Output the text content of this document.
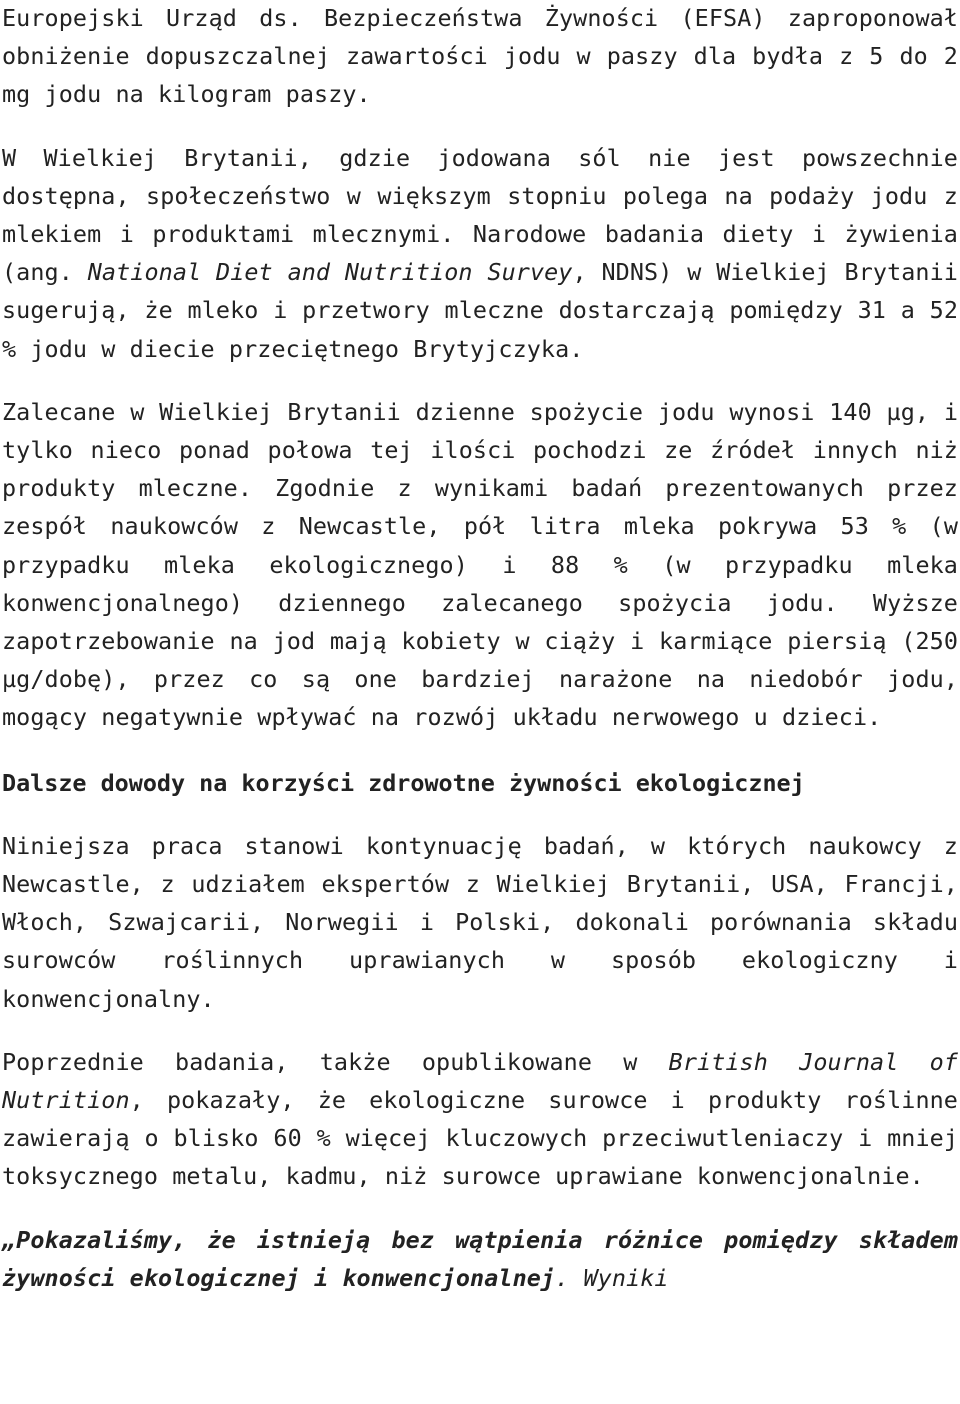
Europejski Urząd ds. Bezpieczeństwa Żywności (EFSA) zaproponował obniżenie dopuszczalnej zawartości jodu w paszy dla bydła z 5 do 2 mg jodu na kilogram paszy.

W Wielkiej Brytanii, gdzie jodowana sól nie jest powszechnie dostępna, społeczeństwo w większym stopniu polega na podaży jodu z mlekiem i produktami mlecznymi. Narodowe badania diety i żywienia (ang. National Diet and Nutrition Survey, NDNS) w Wielkiej Brytanii sugerują, że mleko i przetwory mleczne dostarczają pomiędzy 31 a 52 % jodu w diecie przeciętnego Brytyjczyka.

Zalecane w Wielkiej Brytanii dzienne spożycie jodu wynosi 140 µg, i tylko nieco ponad połowa tej ilości pochodzi ze źródeł innych niż produkty mleczne. Zgodnie z wynikami badań prezentowanych przez zespół naukowców z Newcastle, pół litra mleka pokrywa 53 % (w przypadku mleka ekologicznego) i 88 % (w przypadku mleka konwencjonalnego) dziennego zalecanego spożycia jodu. Wyższe zapotrzebowanie na jod mają kobiety w ciąży i karmiące piersią (250 µg/dobę), przez co są one bardziej narażone na niedobór jodu, mogący negatywnie wpływać na rozwój układu nerwowego u dzieci.

Dalsze dowody na korzyści zdrowotne żywności ekologicznej

Niniejsza praca stanowi kontynuację badań, w których naukowcy z Newcastle, z udziałem ekspertów z Wielkiej Brytanii, USA, Francji, Włoch, Szwajcarii, Norwegii i Polski, dokonali porównania składu surowców roślinnych uprawianych w sposób ekologiczny i konwencjonalny.

Poprzednie badania, także opublikowane w British Journal of Nutrition, pokazały, że ekologiczne surowce i produkty roślinne zawierają o blisko 60 % więcej kluczowych przeciwutleniaczy i mniej toksycznego metalu, kadmu, niż surowce uprawiane konwencjonalnie.

„Pokazaliśmy, że istnieją bez wątpienia różnice pomiędzy składem żywności ekologicznej i konwencjonalnej. Wyniki
